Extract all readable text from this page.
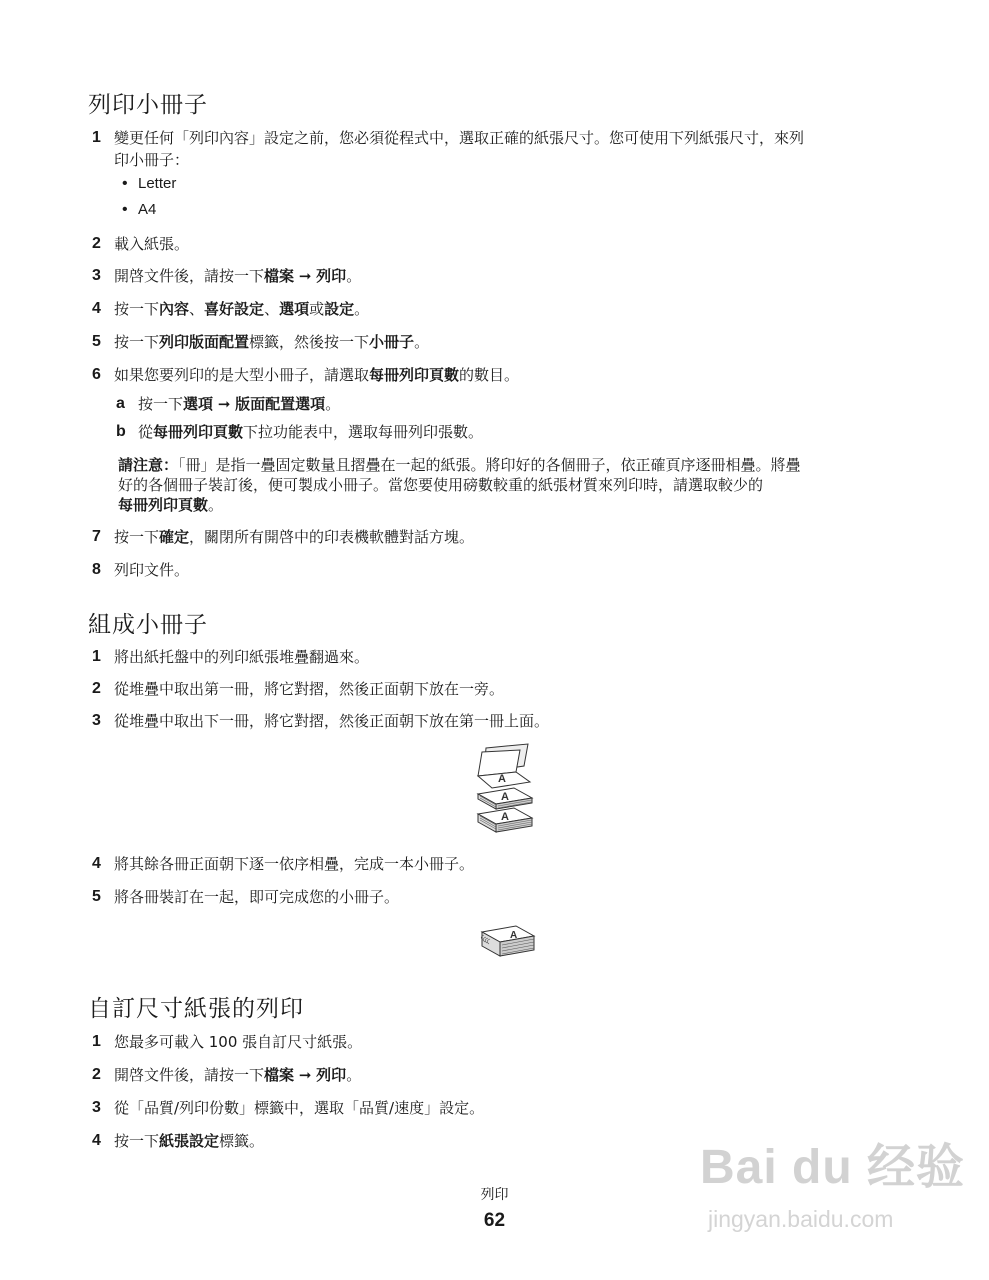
列印小冊子
1 變更任何「列印內容」設定之前，您必須從程式中，選取正確的紙張尺寸。您可使用下列紙張尺寸，來列
印小冊子：
• Letter
• A4
2 載入紙張。
3 開啓文件後，請按一下檔案 ➞ 列印。
4 按一下內容、喜好設定、選項或設定。
5 按一下列印版面配置標籤，然後按一下小冊子。
6 如果您要列印的是大型小冊子，請選取每冊列印頁數的數目。
a 按一下選項 ➞ 版面配置選項。
b 從每冊列印頁數下拉功能表中，選取每冊列印張數。
請注意：「冊」是指一疊固定數量且摺疊在一起的紙張。將印好的各個冊子，依正確頁序逐冊相疊。將疊
好的各個冊子裝訂後，便可製成小冊子。當您要使用磅數較重的紙張材質來列印時，請選取較少的
每冊列印頁數。
7 按一下確定，關閉所有開啓中的印表機軟體對話方塊。
8 列印文件。
組成小冊子
1 將出紙托盤中的列印紙張堆疊翻過來。
2 從堆疊中取出第一冊，將它對摺，然後正面朝下放在一旁。
3 從堆疊中取出下一冊，將它對摺，然後正面朝下放在第一冊上面。
A
A
A
4 將其餘各冊正面朝下逐一依序相疊，完成一本小冊子。
5 將各冊裝訂在一起，即可完成您的小冊子。
A
自訂尺寸紙張的列印
1 您最多可載入 100 張自訂尺寸紙張。
2 開啓文件後，請按一下檔案 ➞ 列印。
3 從「品質/列印份數」標籤中，選取「品質/速度」設定。
4 按一下紙張設定標籤。
列印
62
Bai du 经验
jingyan.baidu.com
